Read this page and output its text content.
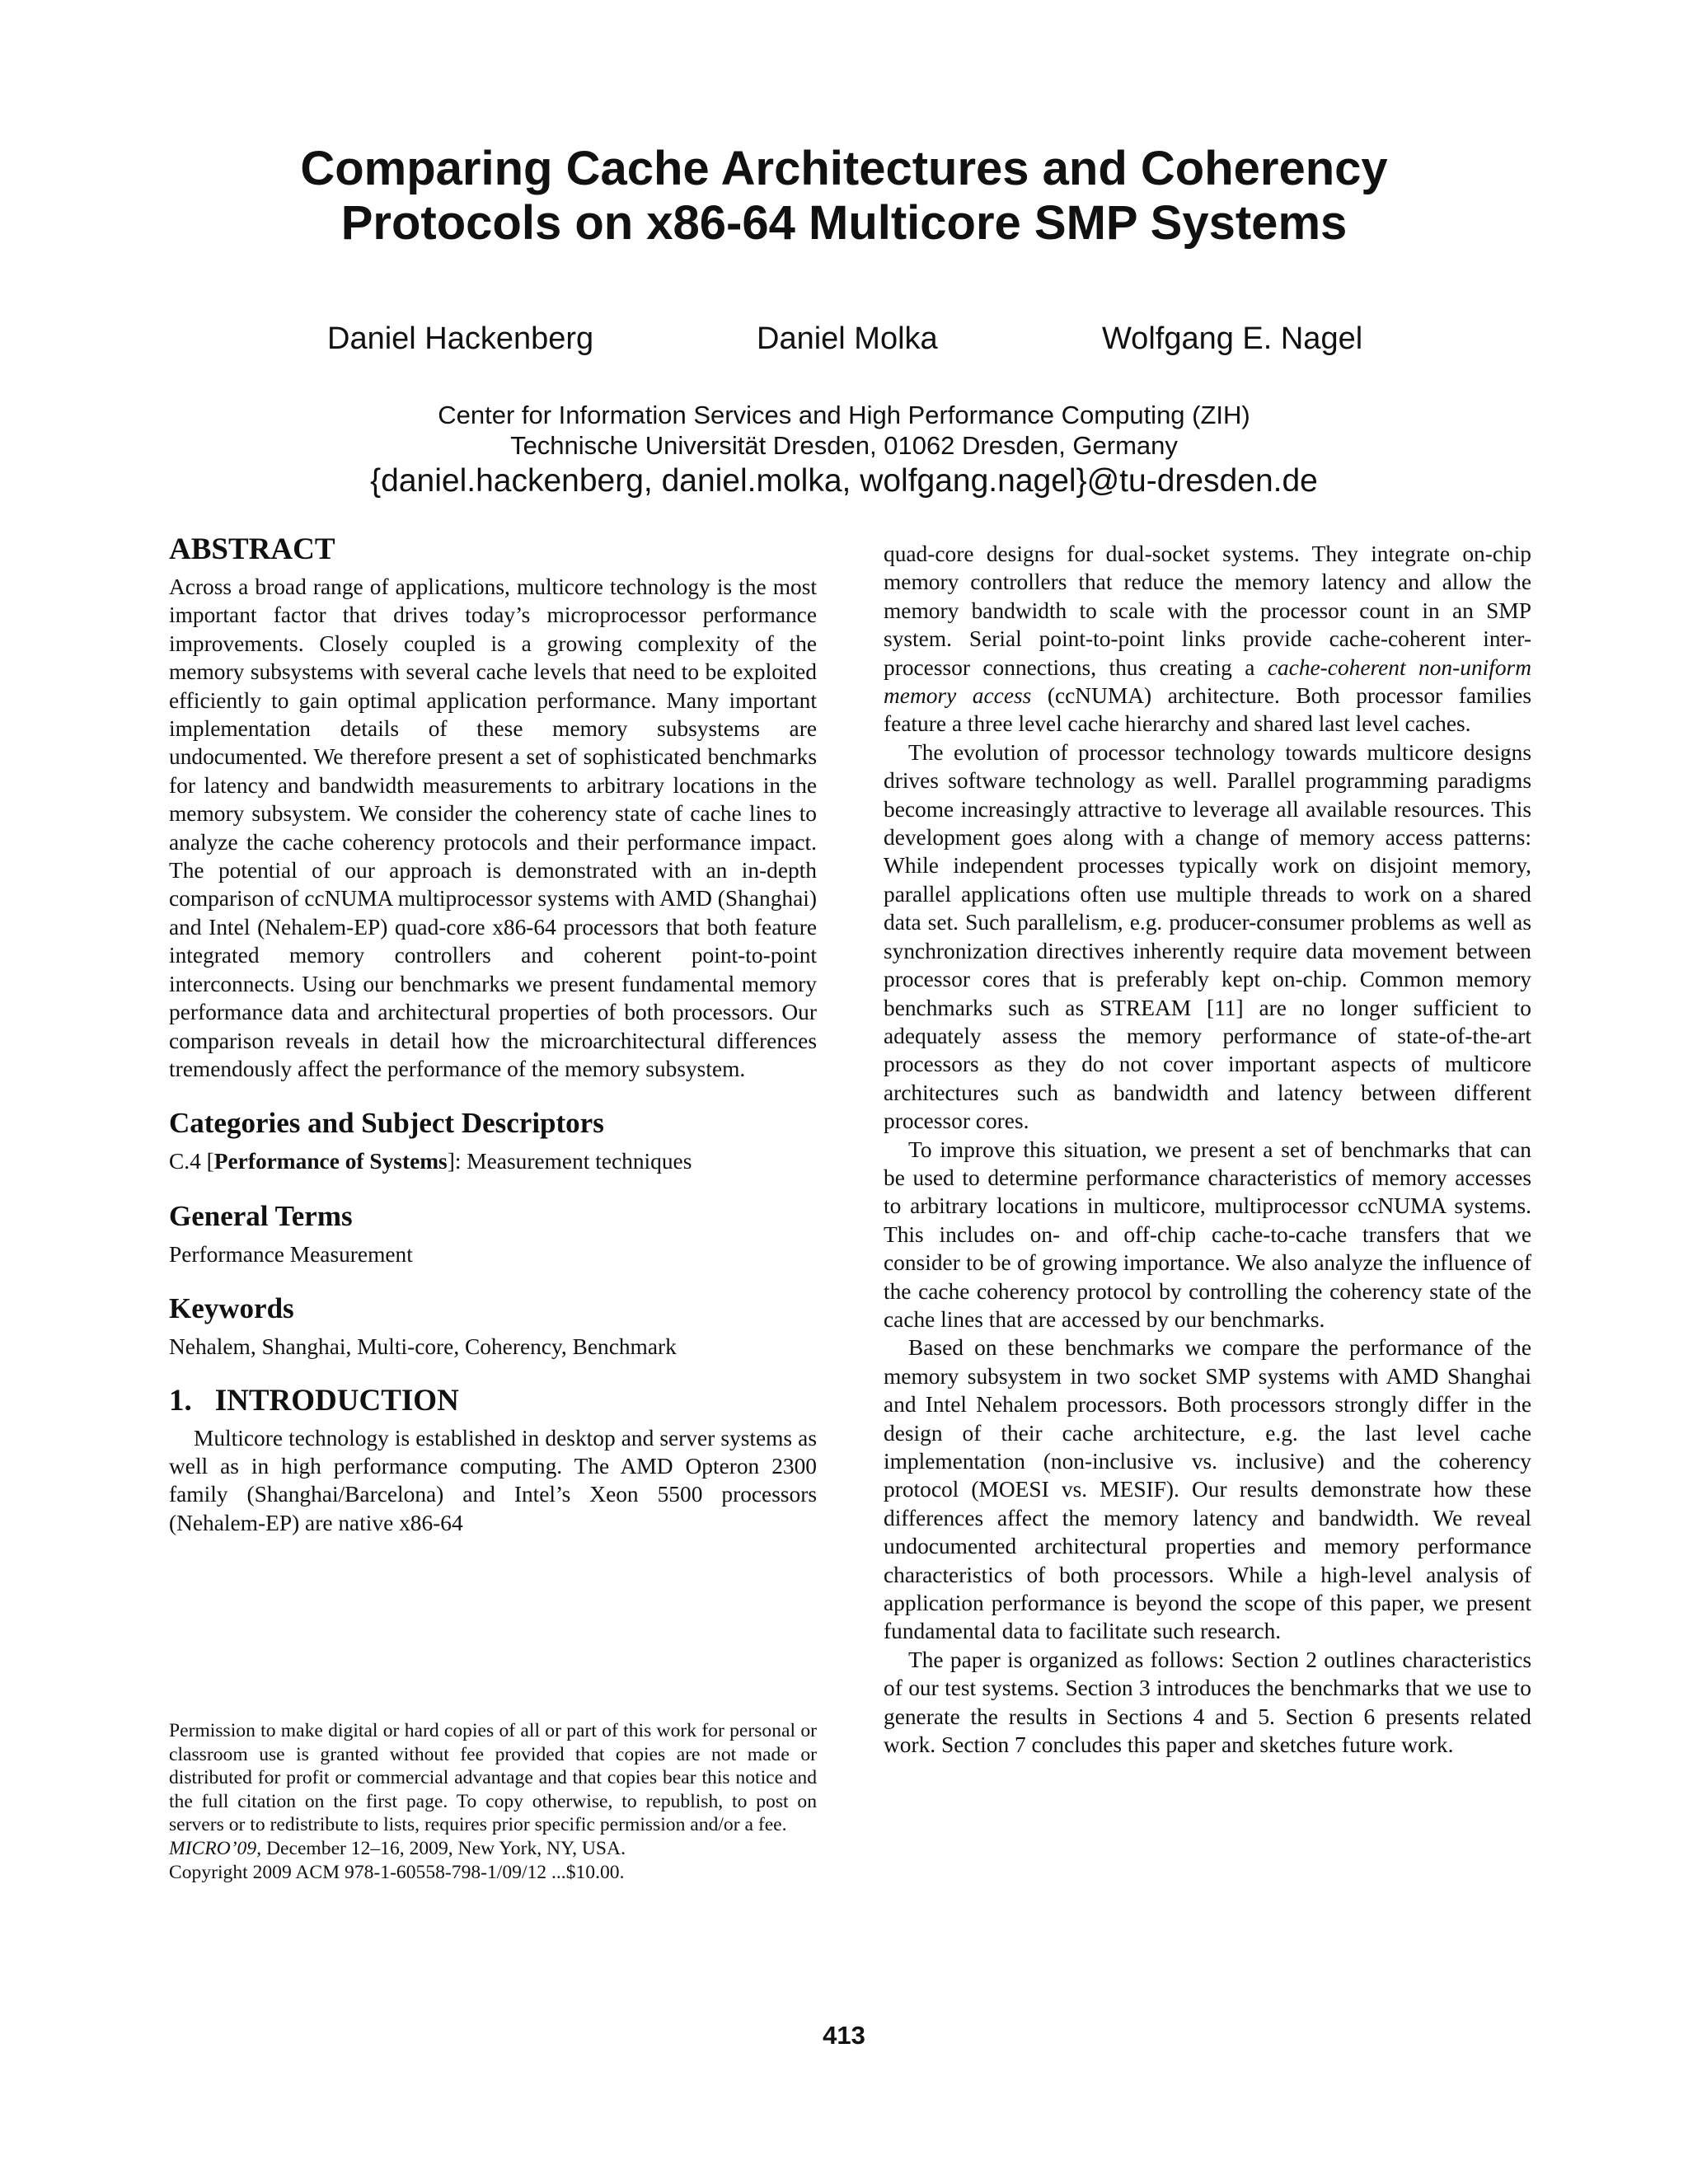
Comparing Cache Architectures and Coherency
Protocols on x86-64 Multicore SMP Systems
Daniel Hackenberg	Daniel Molka	Wolfgang E. Nagel
Center for Information Services and High Performance Computing (ZIH)
Technische Universität Dresden, 01062 Dresden, Germany
{daniel.hackenberg, daniel.molka, wolfgang.nagel}@tu-dresden.de
ABSTRACT

Across a broad range of applications, multicore technology is the most important factor that drives today’s microprocessor performance improvements. Closely coupled is a growing complexity of the memory subsystems with several cache levels that need to be exploited efficiently to gain optimal application performance. Many important implementation details of these memory subsystems are undocumented. We therefore present a set of sophisticated benchmarks for latency and bandwidth measurements to arbitrary locations in the memory subsystem. We consider the coherency state of cache lines to analyze the cache coherency protocols and their performance impact. The potential of our approach is demonstrated with an in-depth comparison of ccNUMA multiprocessor systems with AMD (Shanghai) and Intel (Nehalem-EP) quad-core x86-64 processors that both feature integrated memory controllers and coherent point-to-point interconnects. Using our benchmarks we present fundamental memory performance data and architectural properties of both processors. Our comparison reveals in detail how the microarchitectural differences tremendously affect the performance of the memory subsystem.

Categories and Subject Descriptors

C.4 [Performance of Systems]: Measurement techniques

General Terms

Performance Measurement

Keywords

Nehalem, Shanghai, Multi-core, Coherency, Benchmark

1. INTRODUCTION

Multicore technology is established in desktop and server systems as well as in high performance computing. The AMD Opteron 2300 family (Shanghai/Barcelona) and Intel’s Xeon 5500 processors (Nehalem-EP) are native x86-64

Permission to make digital or hard copies of all or part of this work for personal or classroom use is granted without fee provided that copies are not made or distributed for profit or commercial advantage and that copies bear this notice and the full citation on the first page. To copy otherwise, to republish, to post on servers or to redistribute to lists, requires prior specific permission and/or a fee.

MICRO’09, December 12–16, 2009, New York, NY, USA.

Copyright 2009 ACM 978-1-60558-798-1/09/12 ...$10.00.

quad-core designs for dual-socket systems. They integrate on-chip memory controllers that reduce the memory latency and allow the memory bandwidth to scale with the processor count in an SMP system. Serial point-to-point links provide cache-coherent inter-processor connections, thus creating a cache-coherent non-uniform memory access (ccNUMA) architecture. Both processor families feature a three level cache hierarchy and shared last level caches.

The evolution of processor technology towards multicore designs drives software technology as well. Parallel programming paradigms become increasingly attractive to leverage all available resources. This development goes along with a change of memory access patterns: While independent processes typically work on disjoint memory, parallel applications often use multiple threads to work on a shared data set. Such parallelism, e.g. producer-consumer problems as well as synchronization directives inherently require data movement between processor cores that is preferably kept on-chip. Common memory benchmarks such as STREAM [11] are no longer sufficient to adequately assess the memory performance of state-of-the-art processors as they do not cover important aspects of multicore architectures such as bandwidth and latency between different processor cores.

To improve this situation, we present a set of benchmarks that can be used to determine performance characteristics of memory accesses to arbitrary locations in multicore, multiprocessor ccNUMA systems. This includes on- and off-chip cache-to-cache transfers that we consider to be of growing importance. We also analyze the influence of the cache coherency protocol by controlling the coherency state of the cache lines that are accessed by our benchmarks.

Based on these benchmarks we compare the performance of the memory subsystem in two socket SMP systems with AMD Shanghai and Intel Nehalem processors. Both processors strongly differ in the design of their cache architecture, e.g. the last level cache implementation (non-inclusive vs. inclusive) and the coherency protocol (MOESI vs. MESIF). Our results demonstrate how these differences affect the memory latency and bandwidth. We reveal undocumented architectural properties and memory performance characteristics of both processors. While a high-level analysis of application performance is beyond the scope of this paper, we present fundamental data to facilitate such research.

The paper is organized as follows: Section 2 outlines characteristics of our test systems. Section 3 introduces the benchmarks that we use to generate the results in Sections 4 and 5. Section 6 presents related work. Section 7 concludes this paper and sketches future work.

413
